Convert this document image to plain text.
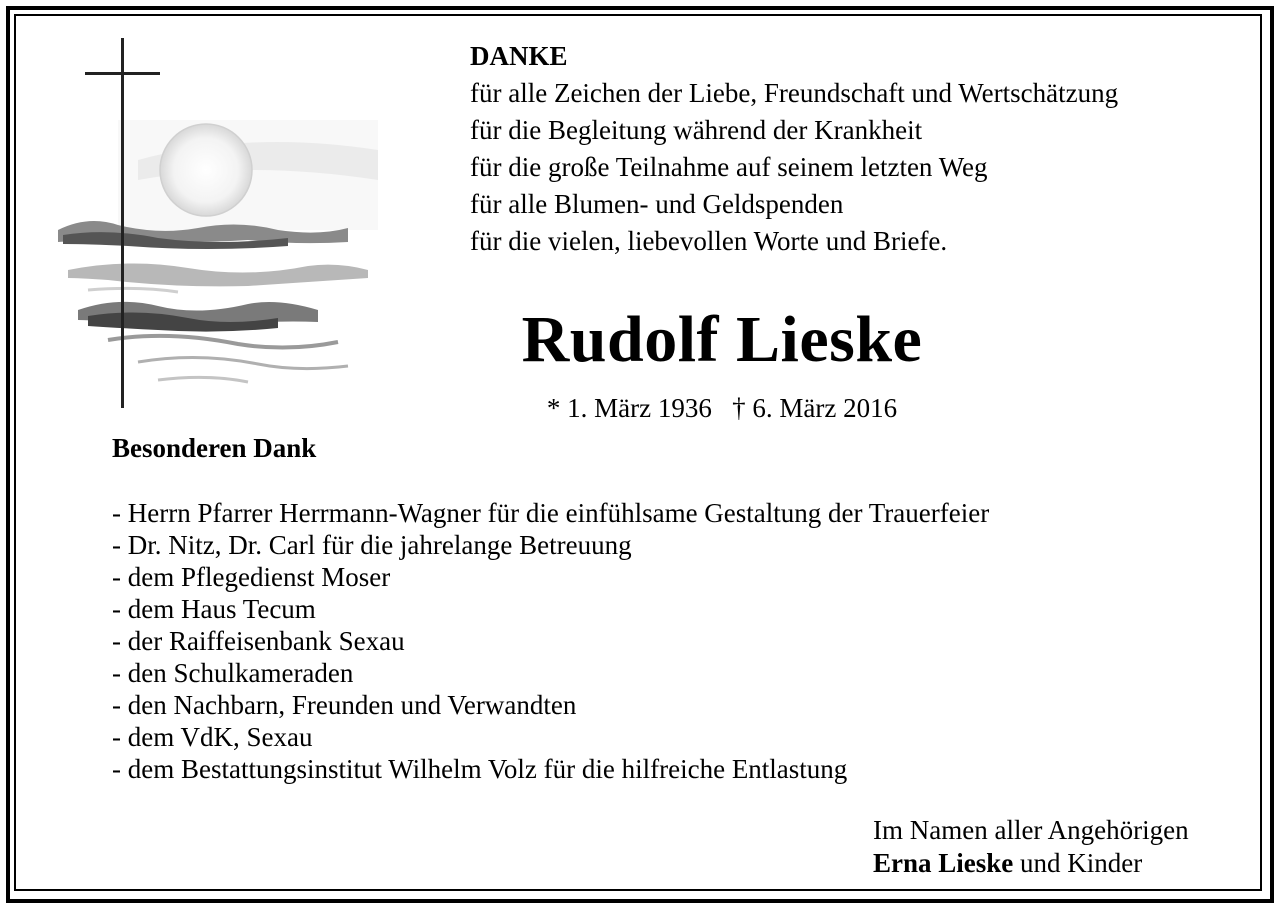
DANKE
für alle Zeichen der Liebe, Freundschaft und Wertschätzung
für die Begleitung während der Krankheit
für die große Teilnahme auf seinem letzten Weg
für alle Blumen- und Geldspenden
für die vielen, liebevollen Worte und Briefe.
Rudolf Lieske
* 1. März 1936   † 6. März 2016
Besonderen Dank
- Herrn Pfarrer Herrmann-Wagner für die einfühlsame Gestaltung der Trauerfeier
- Dr. Nitz, Dr. Carl für die jahrelange Betreuung
- dem Pflegedienst Moser
- dem Haus Tecum
- der Raiffeisenbank Sexau
- den Schulkameraden
- den Nachbarn, Freunden und Verwandten
- dem VdK, Sexau
- dem Bestattungsinstitut Wilhelm Volz für die hilfreiche Entlastung
Im Namen aller Angehörigen
Erna Lieske und Kinder
